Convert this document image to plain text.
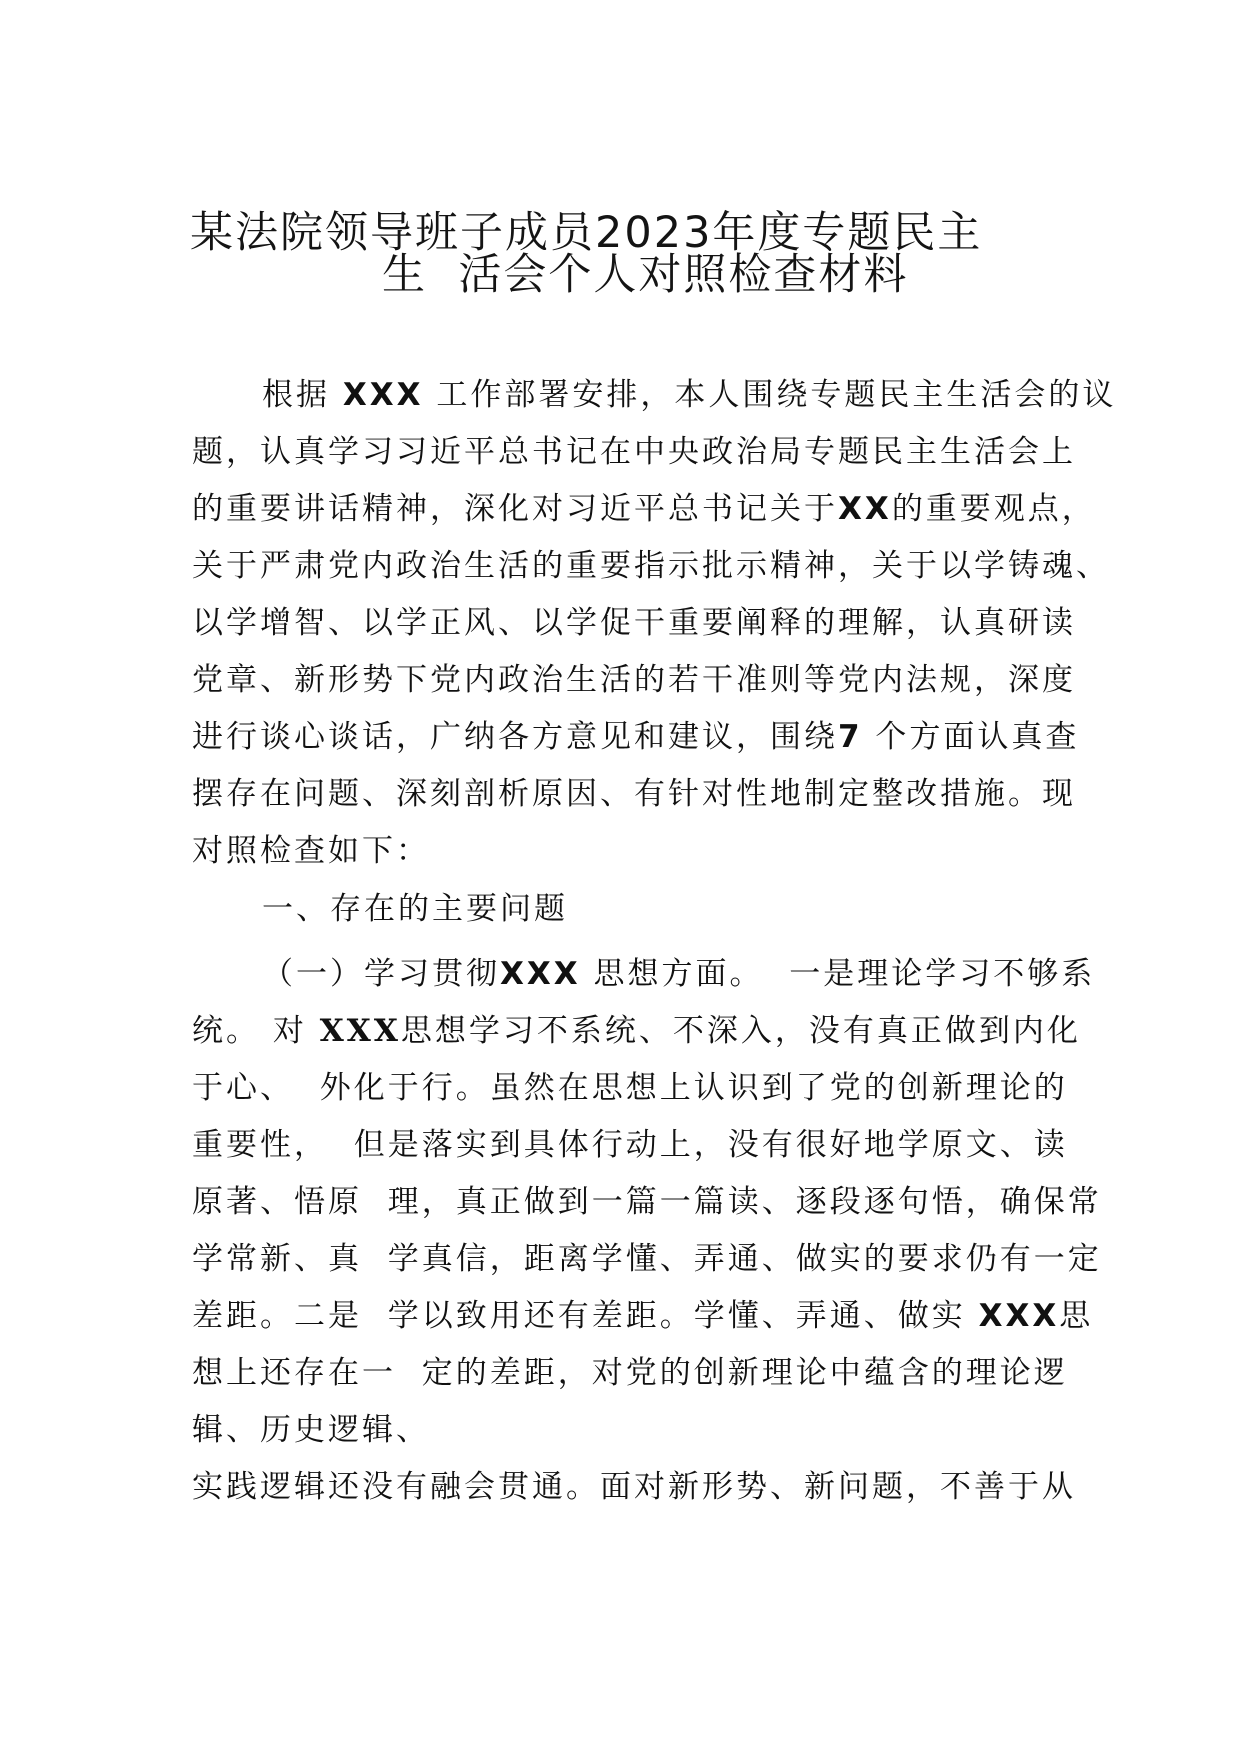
某法院领导班子成员2023年度专题民主
生  活会个人对照检查材料
根据 XXX 工作部署安排，本人围绕专题民主生活会的议
题，认真学习习近平总书记在中央政治局专题民主生活会上
的重要讲话精神，深化对习近平总书记关于XX的重要观点，
关于严肃党内政治生活的重要指示批示精神，关于以学铸魂、
以学增智、以学正风、以学促干重要阐释的理解，认真研读
党章、新形势下党内政治生活的若干准则等党内法规，深度
进行谈心谈话，广纳各方意见和建议，围绕7 个方面认真查
摆存在问题、深刻剖析原因、有针对性地制定整改措施。现
对照检查如下：
一、存在的主要问题
（一）学习贯彻XXX 思想方面。  一是理论学习不够系
统。 对 XXX思想学习不系统、不深入，没有真正做到内化
于心、  外化于行。虽然在思想上认识到了党的创新理论的
重要性，  但是落实到具体行动上，没有很好地学原文、读
原著、悟原  理，真正做到一篇一篇读、逐段逐句悟，确保常
学常新、真  学真信，距离学懂、弄通、做实的要求仍有一定
差距。二是  学以致用还有差距。学懂、弄通、做实 XXX思
想上还存在一  定的差距，对党的创新理论中蕴含的理论逻
辑、历史逻辑、
实践逻辑还没有融会贯通。面对新形势、新问题，不善于从
